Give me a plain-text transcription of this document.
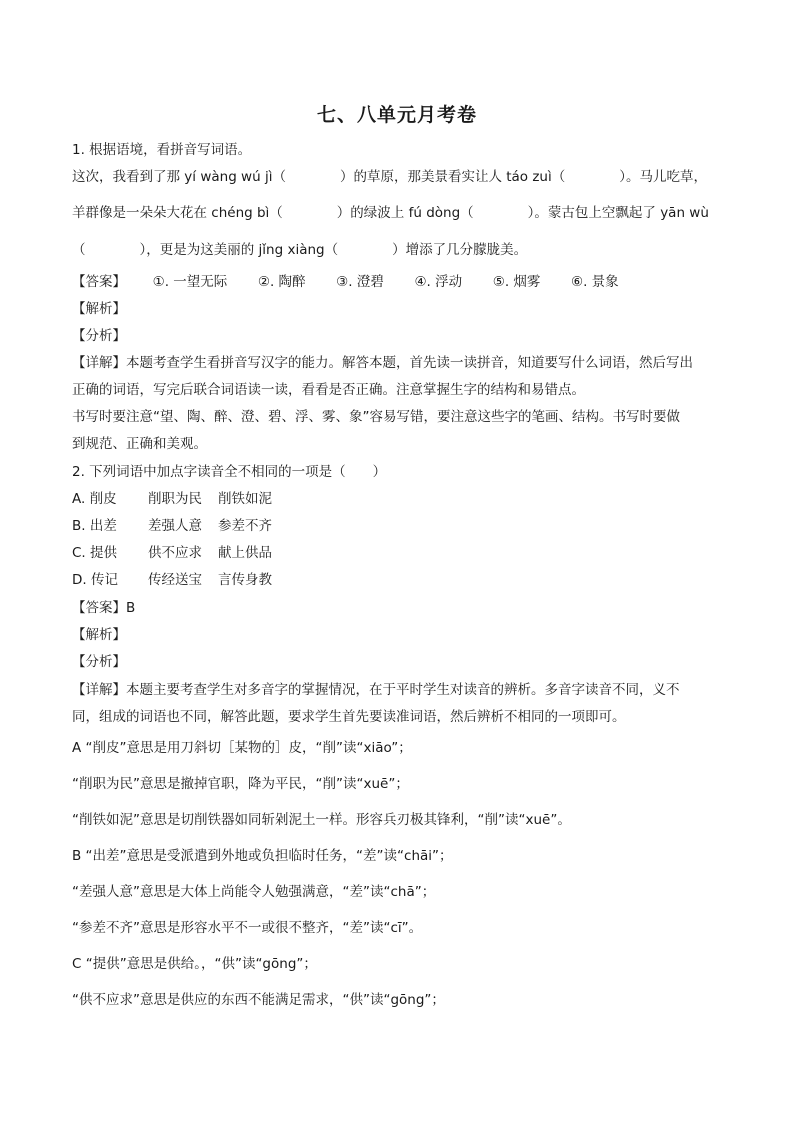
七、八单元月考卷
1. 根据语境，看拼音写词语。
这次，我看到了那 yí wàng wú jì（　　　　）的草原，那美景看实让人 táo zuì（　　　　）。马儿吃草，
羊群像是一朵朵大花在 chéng bì（　　　　）的绿波上 fú dòng（　　　　）。蒙古包上空飘起了 yān wù
（　　　　），更是为这美丽的 jǐng xiàng（　　　　）增添了几分朦胧美。
【答案】 ①. 一望无际 ②. 陶醉 ③. 澄碧 ④. 浮动 ⑤. 烟雾 ⑥. 景象
【解析】
【分析】
【详解】本题考查学生看拼音写汉字的能力。解答本题，首先读一读拼音，知道要写什么词语，然后写出
正确的词语，写完后联合词语读一读，看看是否正确。注意掌握生字的结构和易错点。
书写时要注意“望、陶、醉、澄、碧、浮、雾、象”容易写错，要注意这些字的笔画、结构。书写时要做
到规范、正确和美观。
2. 下列词语中加点字读音全不相同的一项是（　　）
A. 削皮 削职为民 削铁如泥
B. 出差 差强人意 参差不齐
C. 提供 供不应求 献上供品
D. 传记 传经送宝 言传身教
【答案】B
【解析】
【分析】
【详解】本题主要考查学生对多音字的掌握情况，在于平时学生对读音的辨析。多音字读音不同，义不
同，组成的词语也不同，解答此题，要求学生首先要读准词语，然后辨析不相同的一项即可。
A “削皮”意思是用刀斜切［某物的］皮，“削”读“xiāo”；
“削职为民”意思是撤掉官职，降为平民，“削”读“xuē”；
“削铁如泥”意思是切削铁器如同斩剁泥土一样。形容兵刃极其锋利，“削”读“xuē”。
B “出差”意思是受派遣到外地或负担临时任务，“差”读“chāi”；
“差强人意”意思是大体上尚能令人勉强满意，“差”读“chā”；
“参差不齐”意思是形容水平不一或很不整齐，“差”读“cī”。
C “提供”意思是供给。，“供”读“gōng”；
“供不应求”意思是供应的东西不能满足需求，“供”读“gōng”；
